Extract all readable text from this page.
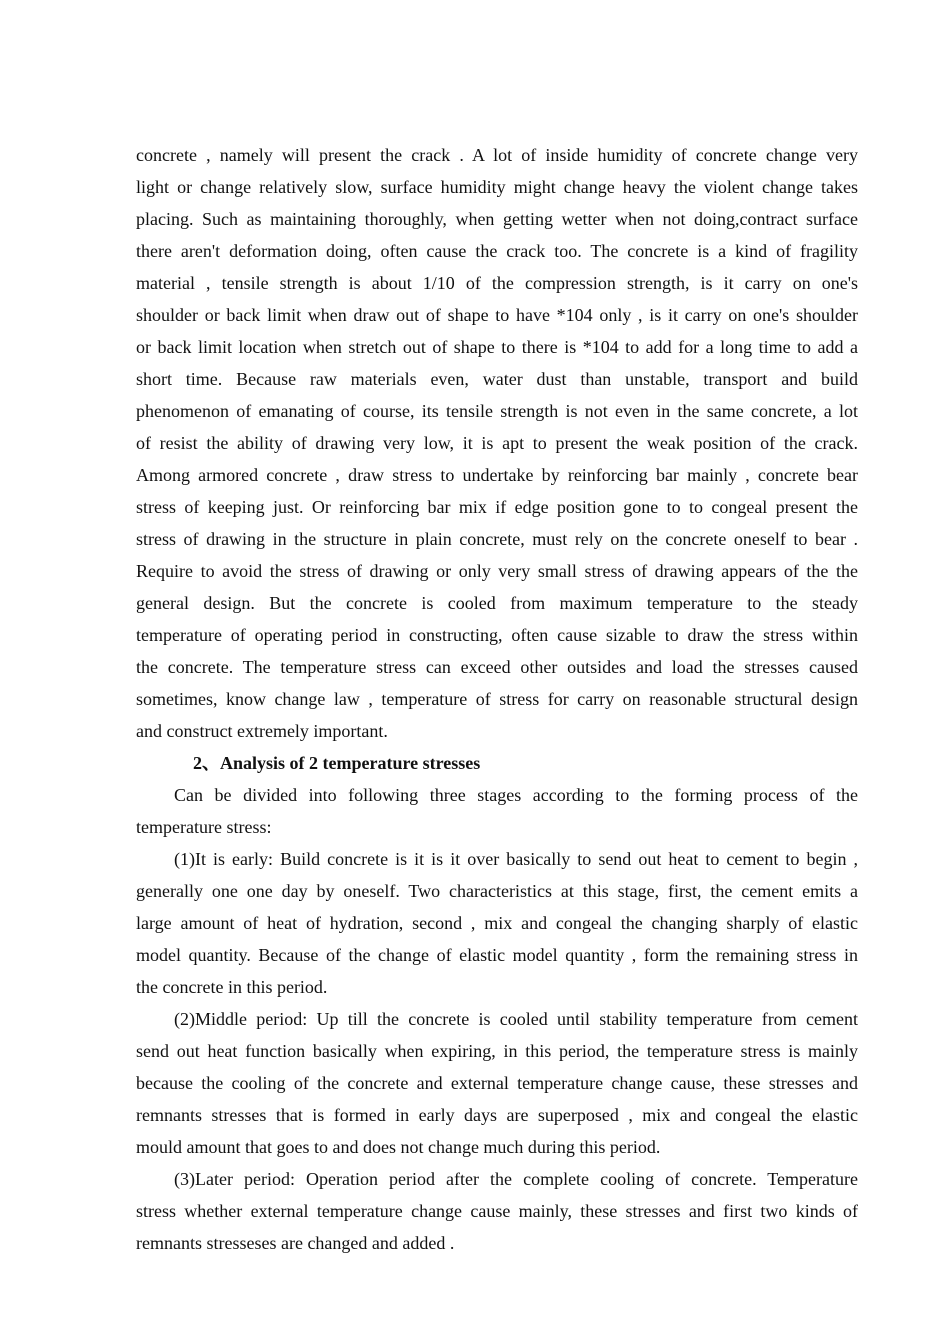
concrete , namely will present the crack . A lot of inside humidity of concrete change very
light or change relatively slow, surface humidity might change heavy the violent change takes
placing. Such as maintaining thoroughly, when getting wetter when not doing,contract surface
there aren't deformation doing, often cause the crack too. The concrete is a kind of fragility
material , tensile strength is about 1/10 of the compression strength, is it carry on one's
shoulder or back limit when draw out of shape to have *104 only , is it carry on one's shoulder
or back limit location when stretch out of shape to there is *104 to add for a long time to add a
short time. Because raw materials even, water dust than unstable, transport and build
phenomenon of emanating of course, its tensile strength is not even in the same concrete, a lot
of resist the ability of drawing very low, it is apt to present the weak position of the crack.
Among armored concrete , draw stress to undertake by reinforcing bar mainly , concrete bear
stress of keeping just. Or reinforcing bar mix if edge position gone to to congeal present the
stress of drawing in the structure in plain concrete, must rely on the concrete oneself to bear .
Require to avoid the stress of drawing or only very small stress of drawing appears of the the
general design. But the concrete is cooled from maximum temperature to the steady
temperature of operating period in constructing, often cause sizable to draw the stress within
the concrete. The temperature stress can exceed other outsides and load the stresses caused
sometimes, know change law , temperature of stress for carry on reasonable structural design
and construct extremely important.
2、Analysis of 2 temperature stresses
Can be divided into following three stages according to the forming process of the
temperature stress:
(1)It is early: Build concrete is it is it over basically to send out heat to cement to begin ,
generally one one day by oneself. Two characteristics at this stage, first, the cement emits a
large amount of heat of hydration, second , mix and congeal the changing sharply of elastic
model quantity. Because of the change of elastic model quantity , form the remaining stress in
the concrete in this period.
(2)Middle period: Up till the concrete is cooled until stability temperature from cement
send out heat function basically when expiring, in this period, the temperature stress is mainly
because the cooling of the concrete and external temperature change cause, these stresses and
remnants stresses that is formed in early days are superposed , mix and congeal the elastic
mould amount that goes to and does not change much during this period.
(3)Later period: Operation period after the complete cooling of concrete. Temperature
stress whether external temperature change cause mainly, these stresses and first two kinds of
remnants stresseses are changed and added .
